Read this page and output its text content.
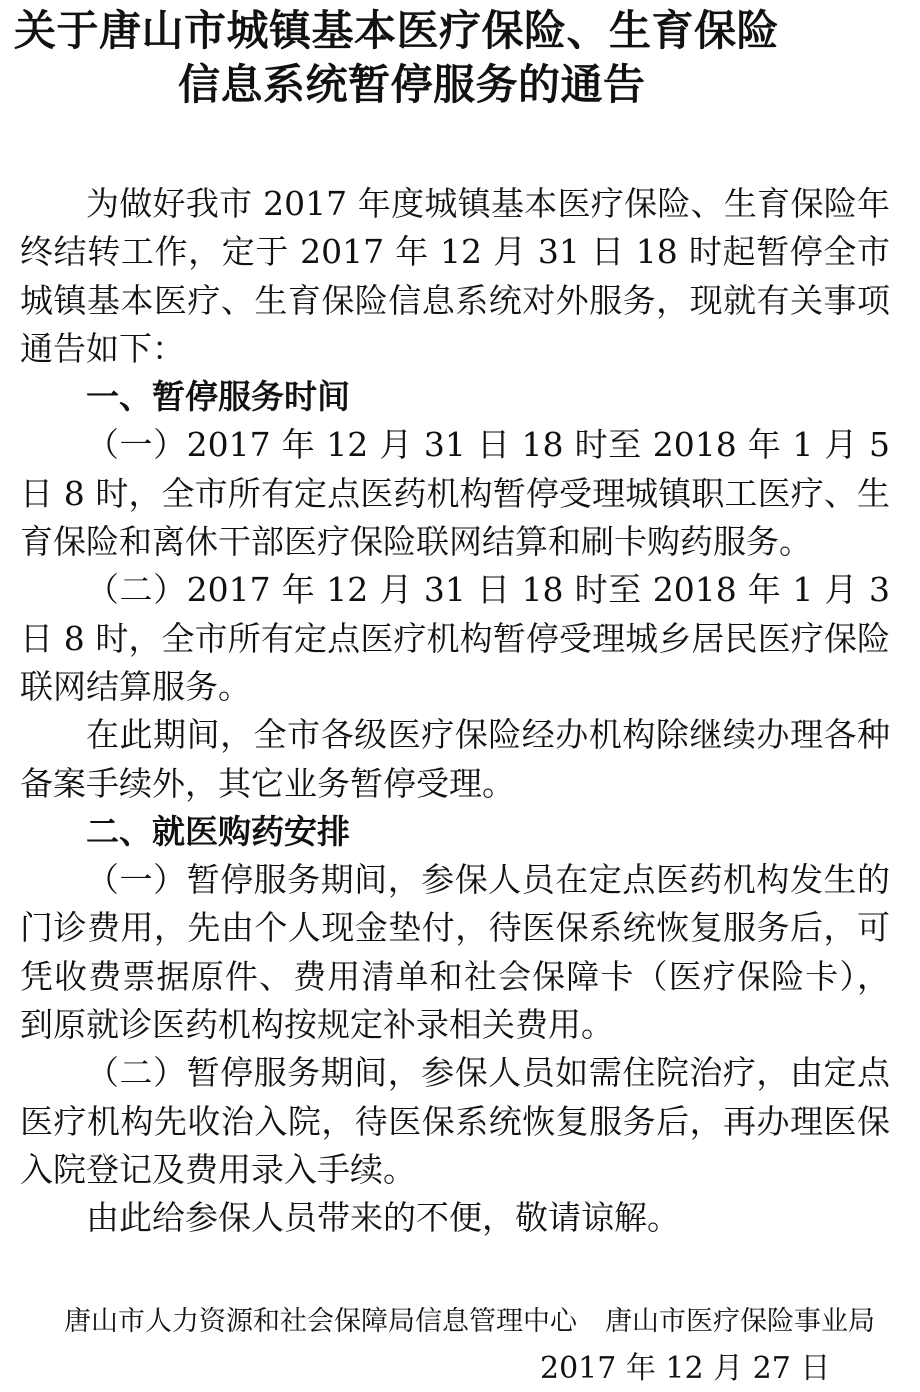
关于唐山市城镇基本医疗保险、生育保险
信息系统暂停服务的通告

为做好我市 2017 年度城镇基本医疗保险、生育保险年终结转工作，定于 2017 年 12 月 31 日 18 时起暂停全市城镇基本医疗、生育保险信息系统对外服务，现就有关事项通告如下：

一、暂停服务时间

（一）2017 年 12 月 31 日 18 时至 2018 年 1 月 5 日 8 时，全市所有定点医药机构暂停受理城镇职工医疗、生育保险和离休干部医疗保险联网结算和刷卡购药服务。

（二）2017 年 12 月 31 日 18 时至 2018 年 1 月 3 日 8 时，全市所有定点医疗机构暂停受理城乡居民医疗保险联网结算服务。

在此期间，全市各级医疗保险经办机构除继续办理各种备案手续外，其它业务暂停受理。

二、就医购药安排

（一）暂停服务期间，参保人员在定点医药机构发生的门诊费用，先由个人现金垫付，待医保系统恢复服务后，可凭收费票据原件、费用清单和社会保障卡（医疗保险卡），到原就诊医药机构按规定补录相关费用。

（二）暂停服务期间，参保人员如需住院治疗，由定点医疗机构先收治入院，待医保系统恢复服务后，再办理医保入院登记及费用录入手续。

由此给参保人员带来的不便，敬请谅解。

唐山市人力资源和社会保障局信息管理中心 唐山市医疗保险事业局
2017 年 12 月 27 日
